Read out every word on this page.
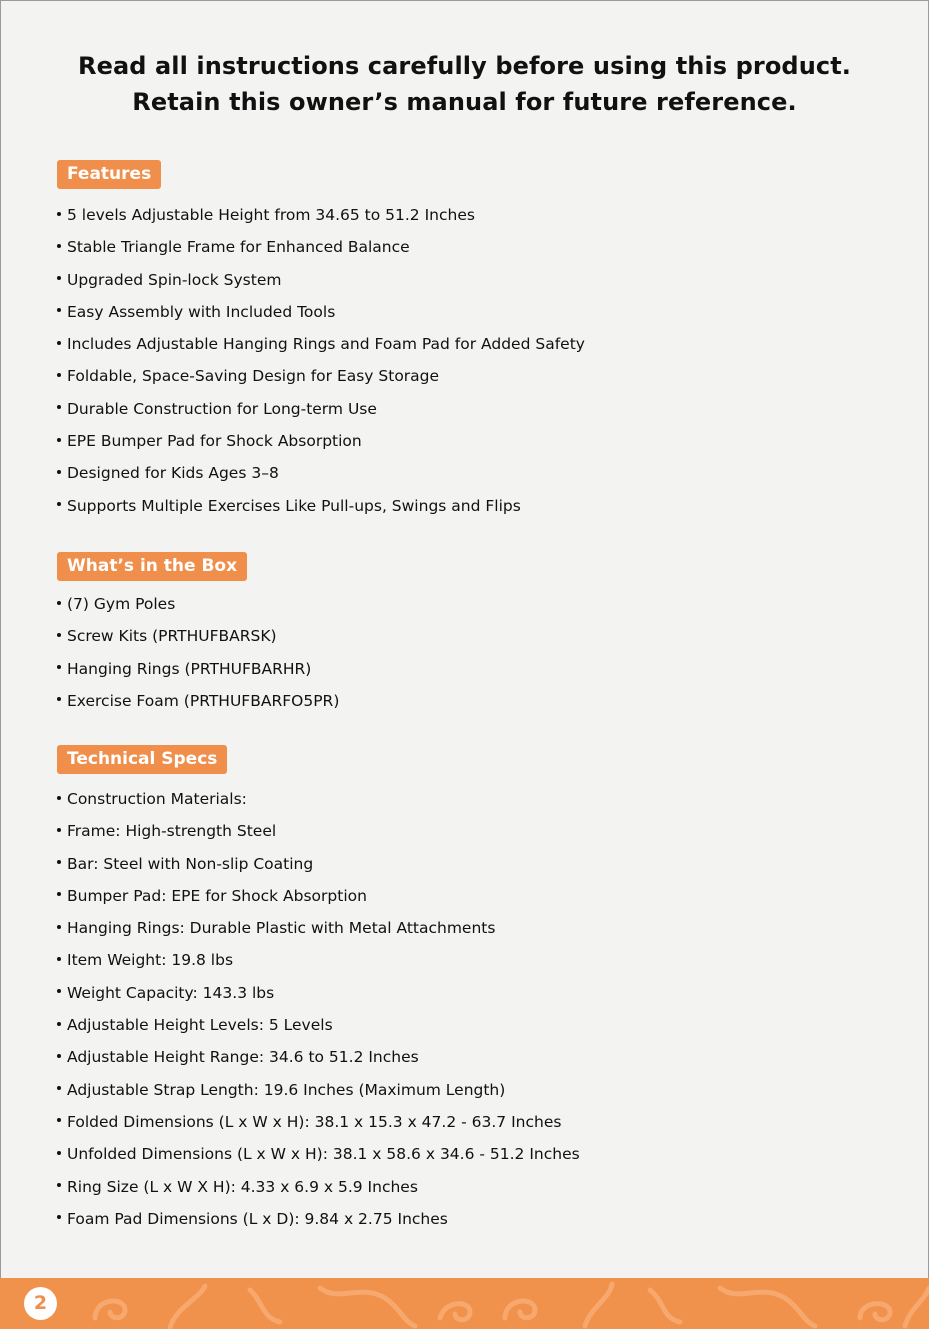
Read all instructions carefully before using this product.
Retain this owner’s manual for future reference.
Features
5 levels Adjustable Height from 34.65 to 51.2 Inches
Stable Triangle Frame for Enhanced Balance
Upgraded Spin-lock System
Easy Assembly with Included Tools
Includes Adjustable Hanging Rings and Foam Pad for Added Safety
Foldable, Space-Saving Design for Easy Storage
Durable Construction for Long-term Use
EPE Bumper Pad for Shock Absorption
Designed for Kids Ages 3–8
Supports Multiple Exercises Like Pull-ups, Swings and Flips
What’s in the Box
(7) Gym Poles
Screw Kits (PRTHUFBARSK)
Hanging Rings (PRTHUFBARHR)
Exercise Foam (PRTHUFBARFO5PR)
Technical Specs
Construction Materials:
Frame: High-strength Steel
Bar: Steel with Non-slip Coating
Bumper Pad: EPE for Shock Absorption
Hanging Rings: Durable Plastic with Metal Attachments
Item Weight: 19.8 lbs
Weight Capacity: 143.3 lbs
Adjustable Height Levels: 5 Levels
Adjustable Height Range: 34.6 to 51.2 Inches
Adjustable Strap Length: 19.6 Inches (Maximum Length)
Folded Dimensions (L x W x H): 38.1 x 15.3 x 47.2 - 63.7 Inches
Unfolded Dimensions (L x W x H): 38.1 x 58.6 x 34.6 - 51.2 Inches
Ring Size (L x W X H): 4.33 x 6.9 x 5.9 Inches
Foam Pad Dimensions (L x D): 9.84 x 2.75 Inches
2
